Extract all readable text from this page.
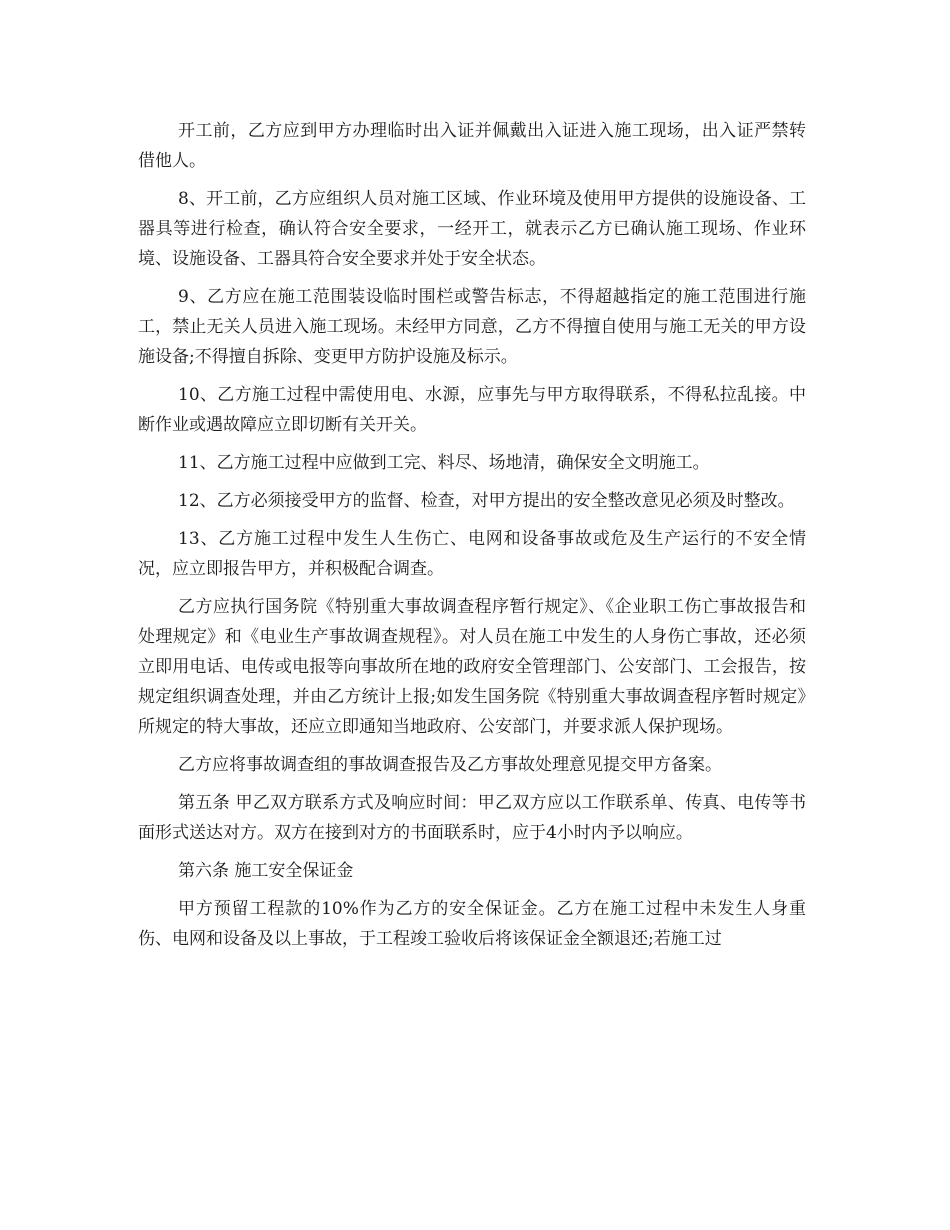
开工前，乙方应到甲方办理临时出入证并佩戴出入证进入施工现场，出入证严禁转借他人。

8、开工前，乙方应组织人员对施工区域、作业环境及使用甲方提供的设施设备、工器具等进行检查，确认符合安全要求，一经开工，就表示乙方已确认施工现场、作业环境、设施设备、工器具符合安全要求并处于安全状态。

9、乙方应在施工范围装设临时围栏或警告标志，不得超越指定的施工范围进行施工，禁止无关人员进入施工现场。未经甲方同意，乙方不得擅自使用与施工无关的甲方设施设备;不得擅自拆除、变更甲方防护设施及标示。

10、乙方施工过程中需使用电、水源，应事先与甲方取得联系，不得私拉乱接。中断作业或遇故障应立即切断有关开关。

11、乙方施工过程中应做到工完、料尽、场地清，确保安全文明施工。

12、乙方必须接受甲方的监督、检查，对甲方提出的安全整改意见必须及时整改。

13、乙方施工过程中发生人生伤亡、电网和设备事故或危及生产运行的不安全情况，应立即报告甲方，并积极配合调查。

乙方应执行国务院《特别重大事故调查程序暂行规定》、《企业职工伤亡事故报告和处理规定》和《电业生产事故调查规程》。对人员在施工中发生的人身伤亡事故，还必须立即用电话、电传或电报等向事故所在地的政府安全管理部门、公安部门、工会报告，按规定组织调查处理，并由乙方统计上报;如发生国务院《特别重大事故调查程序暂时规定》所规定的特大事故，还应立即通知当地政府、公安部门，并要求派人保护现场。

乙方应将事故调查组的事故调查报告及乙方事故处理意见提交甲方备案。

第五条 甲乙双方联系方式及响应时间：甲乙双方应以工作联系单、传真、电传等书面形式送达对方。双方在接到对方的书面联系时，应于4小时内予以响应。

第六条 施工安全保证金

甲方预留工程款的10%作为乙方的安全保证金。乙方在施工过程中未发生人身重伤、电网和设备及以上事故，于工程竣工验收后将该保证金全额退还;若施工过
